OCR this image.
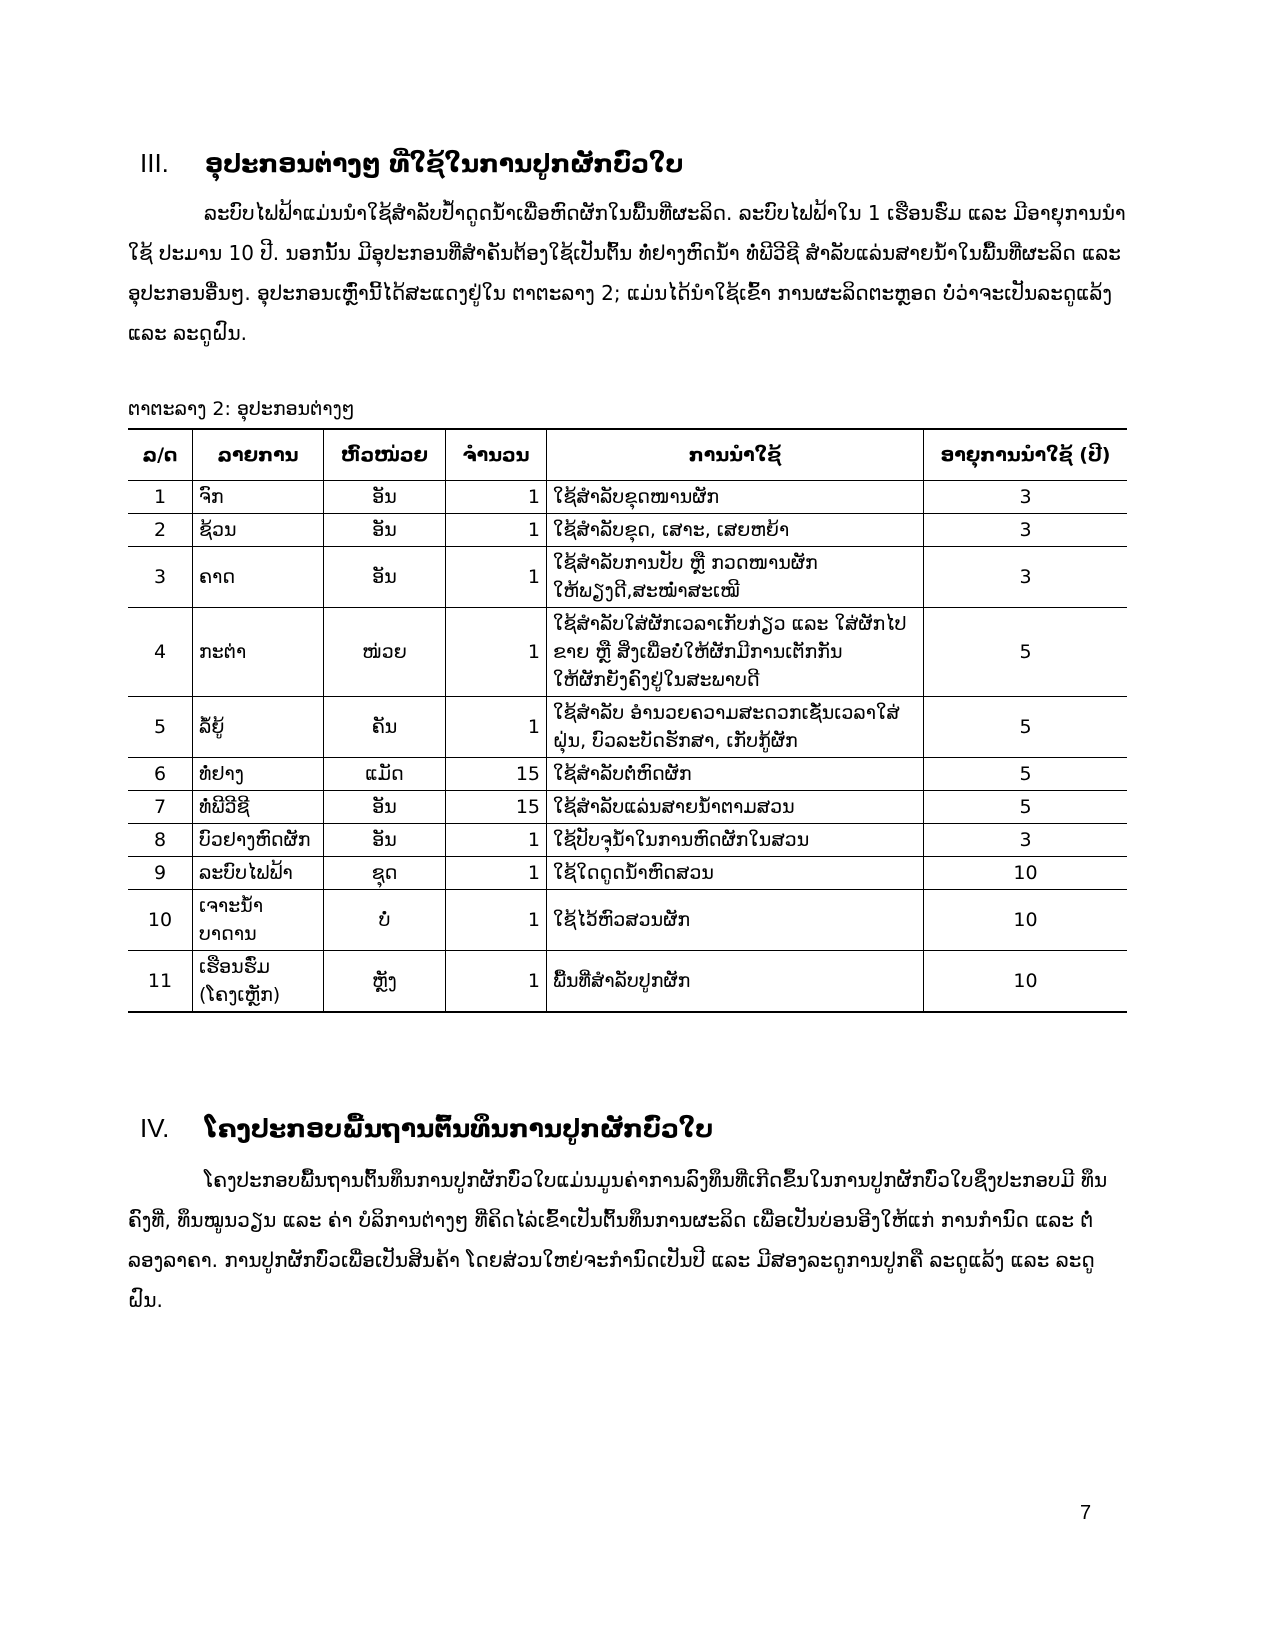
III.	ອຸປະກອນຕ່າງໆ ທີ່ໃຊ້ໃນການປູກຜັກບົ່ວໃບ
ລະບົບໄຟຟ້າແມ່ນນໍາໃຊ້ສໍາລັບປ້ຳດູດນ້ຳເພື່ອຫົດຜັກໃນພື້ນທີ່ຜະລິດ. ລະບົບໄຟຟ້າໃນ 1 ເຮືອນຮົ່ມ ແລະ ມີອາຍຸການນໍາໃຊ້ ປະມານ 10 ປີ. ນອກນັ້ນ ມີອຸປະກອນທີ່ສໍາຄັນຕ້ອງໃຊ້ເປັນຕົ້ນ ທໍ່ຢາງຫົດນ້ຳ ທໍ່ພີວີຊີ ສໍາລັບແລ່ນສາຍນ້ຳໃນພື້ນທີ່ຜະລິດ ແລະ ອຸປະກອນອື່ນໆ. ອຸປະກອນເຫຼົ່ານີ້ໄດ້ສະແດງຢູ່ໃນ ຕາຕະລາງ 2; ແມ່ນໄດ້ນໍາໃຊ້ເຂົ້າ ການຜະລິດຕະຫຼອດ ບໍ່ວ່າຈະເປັນລະດູແລ້ງ ແລະ ລະດູຝົນ.
ຕາຕະລາງ 2: ອຸປະກອນຕ່າງໆ
ລ/ດ	ລາຍການ	ຫົວໜ່ວຍ	ຈໍານວນ	ການນໍາໃຊ້	ອາຍຸການນໍາໃຊ້ (ປີ)
1	ຈົກ	ອັນ	1	ໃຊ້ສໍາລັບຂຸດໜານຜັກ	3
2	ຊ້ວນ	ອັນ	1	ໃຊ້ສໍາລັບຂຸດ, ເສາະ, ເສຍຫຍ້າ	3
3	ຄາດ	ອັນ	1	ໃຊ້ສໍາລັບການປັບ ຫຼື ກວດໜານຜັກ
ໃຫ້ພຽງດີ,ສະໝໍ່າສະເໝີ	3
4	ກະຕ່າ	ໜ່ວຍ	1	ໃຊ້ສໍາລັບໃສ່ຜັກເວລາເກັບກ່ຽວ ແລະ ໃສ່ຜັກໄປ
ຂາຍ ຫຼື ສິ່ງເພື່ອບໍ່ໃຫ້ຜັກມີການເຕັກກັນ
ໃຫ້ຜັກຍັງຄົງຢູ່ໃນສະພາບດີ	5
5	ລໍ້ຍູ້	ຄັນ	1	ໃຊ້ສໍາລັບ ອໍານວຍຄວາມສະດວກເຊັ່ນເວລາໃສ່
ຝຸ່ນ, ບົວລະບັດຮັກສາ, ເກັບກູ້ຜັກ	5
6	ທໍ່ຢາງ	ແມັດ	15	ໃຊ້ສໍາລັບຕໍ່ຫົດຜັກ	5
7	ທໍ່ພີວີຊີ	ອັນ	15	ໃຊ້ສໍາລັບແລ່ນສາຍນ້ຳຕາມສວນ	5
8	ບົວຢາງຫົດຜັກ	ອັນ	1	ໃຊ້ປັບຈຸນ້ຳໃນການຫົດຜັກໃນສວນ	3
9	ລະບົບໄຟຟ້າ	ຊຸດ	1	ໃຊ້ໃດດູດນ້ຳຫົດສວນ	10
10	ເຈາະນ້ຳບາດານ	ບໍ່	1	ໃຊ້ໄວ້ຫົວສວນຜັກ	10
11	ເຮືອນຮົ່ມ
(ໂຄງເຫຼັກ)	ຫຼັງ	1	ພື້ນທີ່ສໍາລັບປູກຜັກ	10
IV.	ໂຄງປະກອບພື້ນຖານຕົ້ນທຶນການປູກຜັກບົ່ວໃບ
ໂຄງປະກອບພື້ນຖານຕົ້ນທຶນການປູກຜັກບົ່ວໃບແມ່ນມູນຄ່າການລົງທຶນທີ່ເກີດຂຶ້ນໃນການປູກຜັກບົ່ວໃບຊຶ່ງປະກອບມີ ທຶນຄົງທີ່, ທຶນໝູນວຽນ ແລະ ຄ່າ ບໍລິການຕ່າງໆ ທີ່ຄິດໄລ່ເຂົ້າເປັນຕົ້ນທຶນການຜະລິດ ເພື່ອເປັນບ່ອນອີງໃຫ້ແກ່ ການກໍານົດ ແລະ ຕໍ່ລອງລາຄາ. ການປູກຜັກບົ່ວເພື່ອເປັນສິນຄ້າ ໂດຍສ່ວນໃຫຍ່ຈະກໍານົດເປັນປີ ແລະ ມີສອງລະດູການປູກຄື ລະດູແລ້ງ ແລະ ລະດູຝົນ.
7
